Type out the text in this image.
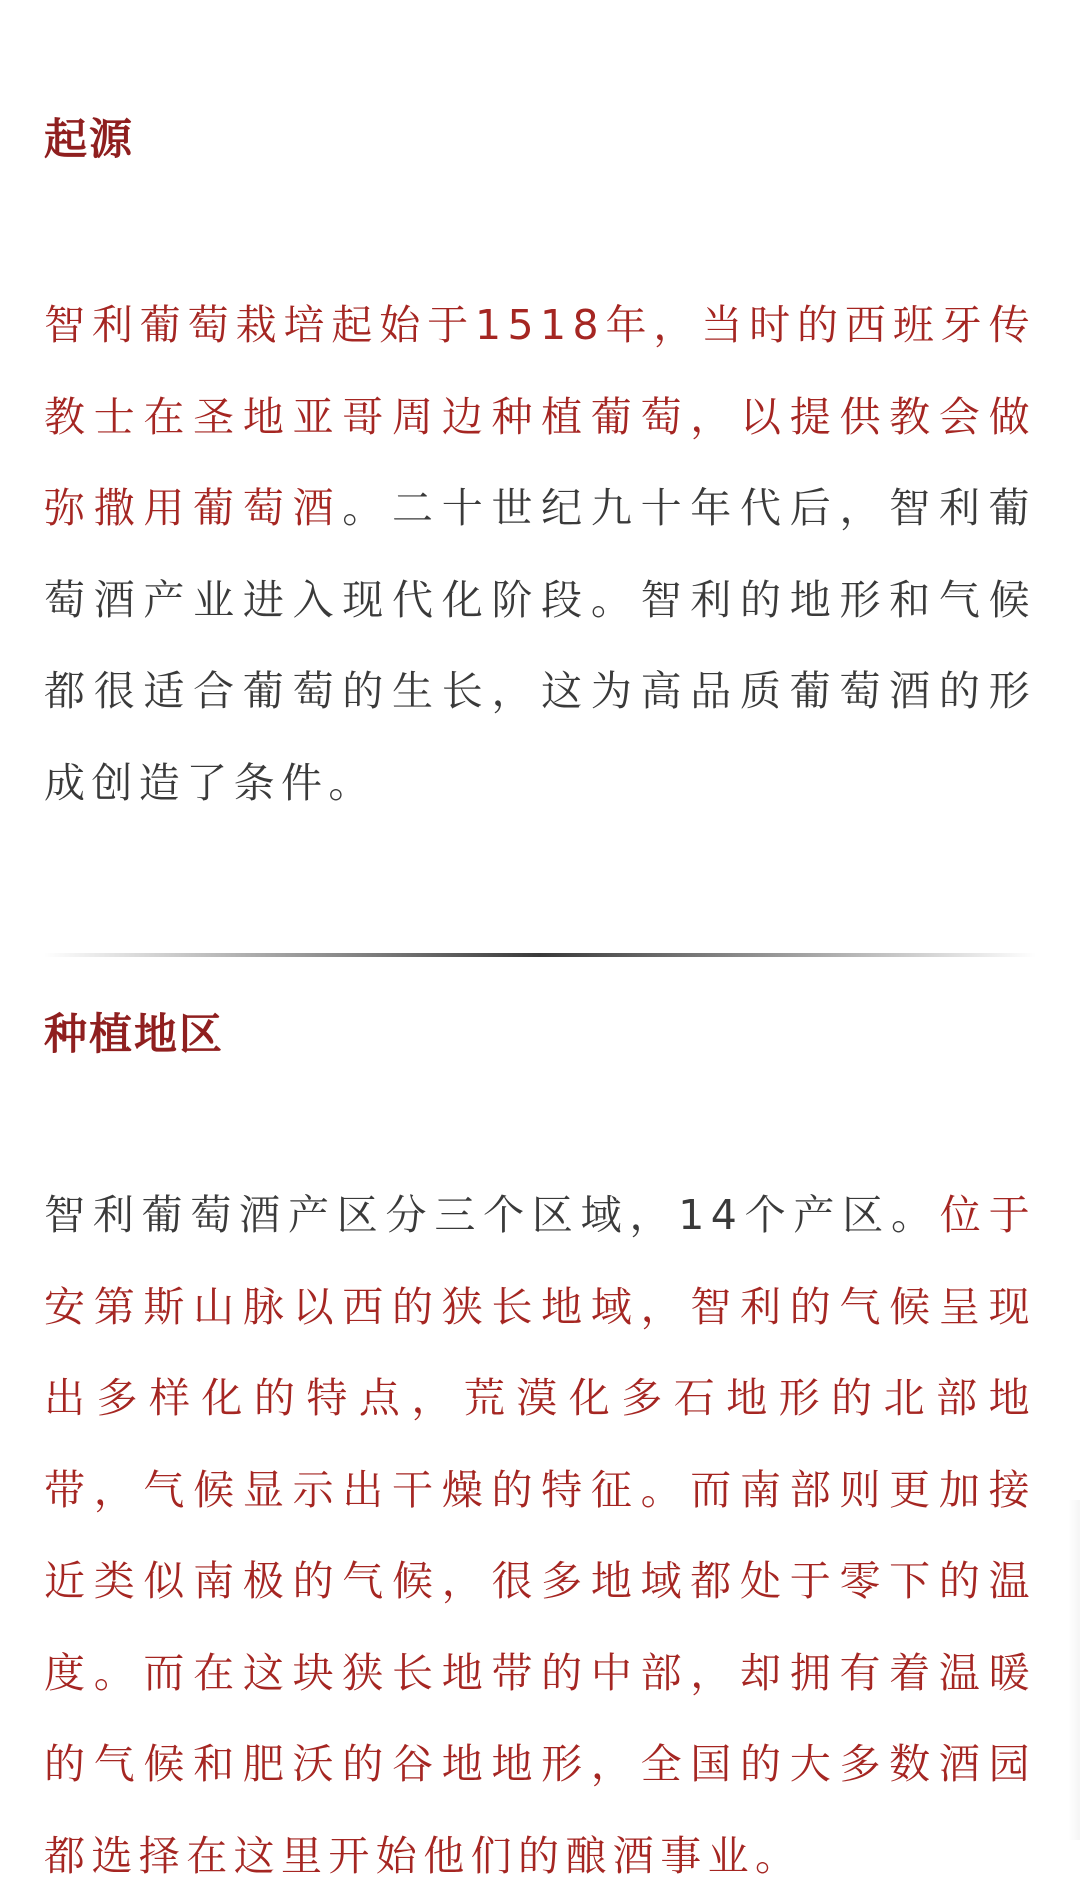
起源

智利葡萄栽培起始于1518年，当时的西班牙传教士在圣地亚哥周边种植葡萄，以提供教会做弥撒用葡萄酒。二十世纪九十年代后，智利葡萄酒产业进入现代化阶段。智利的地形和气候都很适合葡萄的生长，这为高品质葡萄酒的形成创造了条件。

种植地区

智利葡萄酒产区分三个区域，14个产区。位于安第斯山脉以西的狭长地域，智利的气候呈现出多样化的特点，荒漠化多石地形的北部地带，气候显示出干燥的特征。而南部则更加接近类似南极的气候，很多地域都处于零下的温度。而在这块狭长地带的中部，却拥有着温暖的气候和肥沃的谷地地形，全国的大多数酒园都选择在这里开始他们的酿酒事业。
